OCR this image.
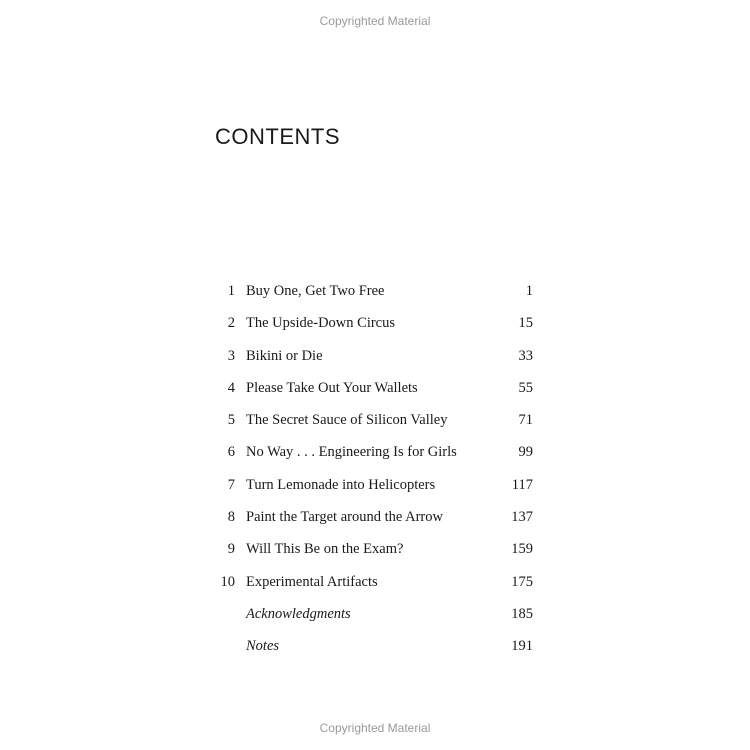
Copyrighted Material
CONTENTS
1 Buy One, Get Two Free	1
2 The Upside-Down Circus	15
3 Bikini or Die	33
4 Please Take Out Your Wallets	55
5 The Secret Sauce of Silicon Valley	71
6 No Way . . . Engineering Is for Girls	99
7 Turn Lemonade into Helicopters	117
8 Paint the Target around the Arrow	137
9 Will This Be on the Exam?	159
10 Experimental Artifacts	175
Acknowledgments	185
Notes	191
Copyrighted Material
